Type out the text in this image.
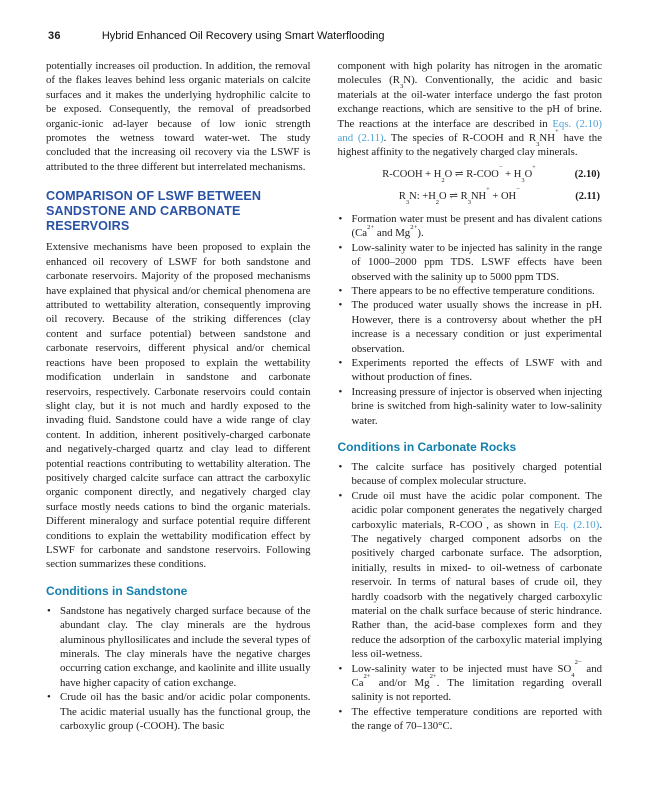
36	Hybrid Enhanced Oil Recovery using Smart Waterflooding

potentially increases oil production. In addition, the removal of the flakes leaves behind less organic materials on calcite surfaces and it makes the underlying hydrophilic calcite to be exposed. Consequently, the removal of preadsorbed organic-ionic ad-layer because of low ionic strength promotes the wetness toward water-wet. The study concluded that the increasing oil recovery via the LSWF is attributed to the three different but interrelated mechanisms.

COMPARISON OF LSWF BETWEEN SANDSTONE AND CARBONATE RESERVOIRS

Extensive mechanisms have been proposed to explain the enhanced oil recovery of LSWF for both sandstone and carbonate reservoirs. Majority of the proposed mechanisms have explained that physical and/or chemical phenomena are attributed to wettability alteration, consequently improving oil recovery. Because of the striking differences (clay content and surface potential) between sandstone and carbonate reservoirs, different physical and/or chemical reactions have been proposed to explain the wettability modification underlain in sandstone and carbonate reservoirs, respectively. Carbonate reservoirs could contain slight clay, but it is not much and hardly exposed to the invading fluid. Sandstone could have a wide range of clay content. In addition, inherent positively-charged carbonate and negatively-charged quartz and clay lead to different potential reactions contributing to wettability alteration. The positively charged calcite surface can attract the carboxylic organic component directly, and negatively charged clay surface mostly needs cations to bind the organic materials. Different mineralogy and surface potential require different conditions to explain the wettability modification effect by LSWF for carbonate and sandstone reservoirs. Following section summarizes these conditions.

Conditions in Sandstone
• Sandstone has negatively charged surface because of the abundant clay. The clay minerals are the hydrous aluminous phyllosilicates and include the several types of minerals. The clay minerals have the negative charges occurring cation exchange, and kaolinite and illite usually have higher capacity of cation exchange.
• Crude oil has the basic and/or acidic polar components. The acidic material usually has the functional group, the carboxylic group (-COOH). The basic

component with high polarity has nitrogen in the aromatic molecules $(R_3N)$. Conventionally, the acidic and basic materials at the oil-water interface undergo the fast proton exchange reactions, which are sensitive to the pH of brine. The reactions at the interface are described in Eqs. (2.10) and (2.11). The species of R-COOH and $R_3NH^+$ have the highest affinity to the negatively charged clay minerals.

R-COOH + $H_2O$ ⇌ $R-COO^- + H_3O^+$
(2.10)
$R_3N$: $+H_2O$ ⇌ $R_3NH^+ + OH^-$
(2.11)
• Formation water must be present and has divalent cations ($Ca^{2+}$ and $Mg^{2+}$).
• Low-salinity water to be injected has salinity in the range of 1000–2000 ppm TDS. LSWF effects have been observed with the salinity up to 5000 ppm TDS.
• There appears to be no effective temperature conditions.
• The produced water usually shows the increase in pH. However, there is a controversy about whether the pH increase is a necessary condition or just experimental observation.
• Experiments reported the effects of LSWF with and without production of fines.
• Increasing pressure of injector is observed when injecting brine is switched from high-salinity water to low-salinity water.
Conditions in Carbonate Rocks
• The calcite surface has positively charged potential because of complex molecular structure.
• Crude oil must have the acidic polar component. The acidic polar component generates the negatively charged carboxylic materials, R-COO−, as shown in Eq. (2.10). The negatively charged component adsorbs on the positively charged carbonate surface. The adsorption, initially, results in mixed- to oil-wetness of carbonate reservoir. In terms of natural bases of crude oil, they hardly coadsorb with the negatively charged carboxylic material on the chalk surface because of steric hindrance. Rather than, the acid-base complexes form and they reduce the adsorption of the carboxylic material implying less oil-wetness.
• Low-salinity water to be injected must have $SO_4^{2-}$ and $Ca^{2+}$ and/or $Mg^{2+}$. The limitation regarding overall salinity is not reported.
• The effective temperature conditions are reported with the range of 70–130°C.
